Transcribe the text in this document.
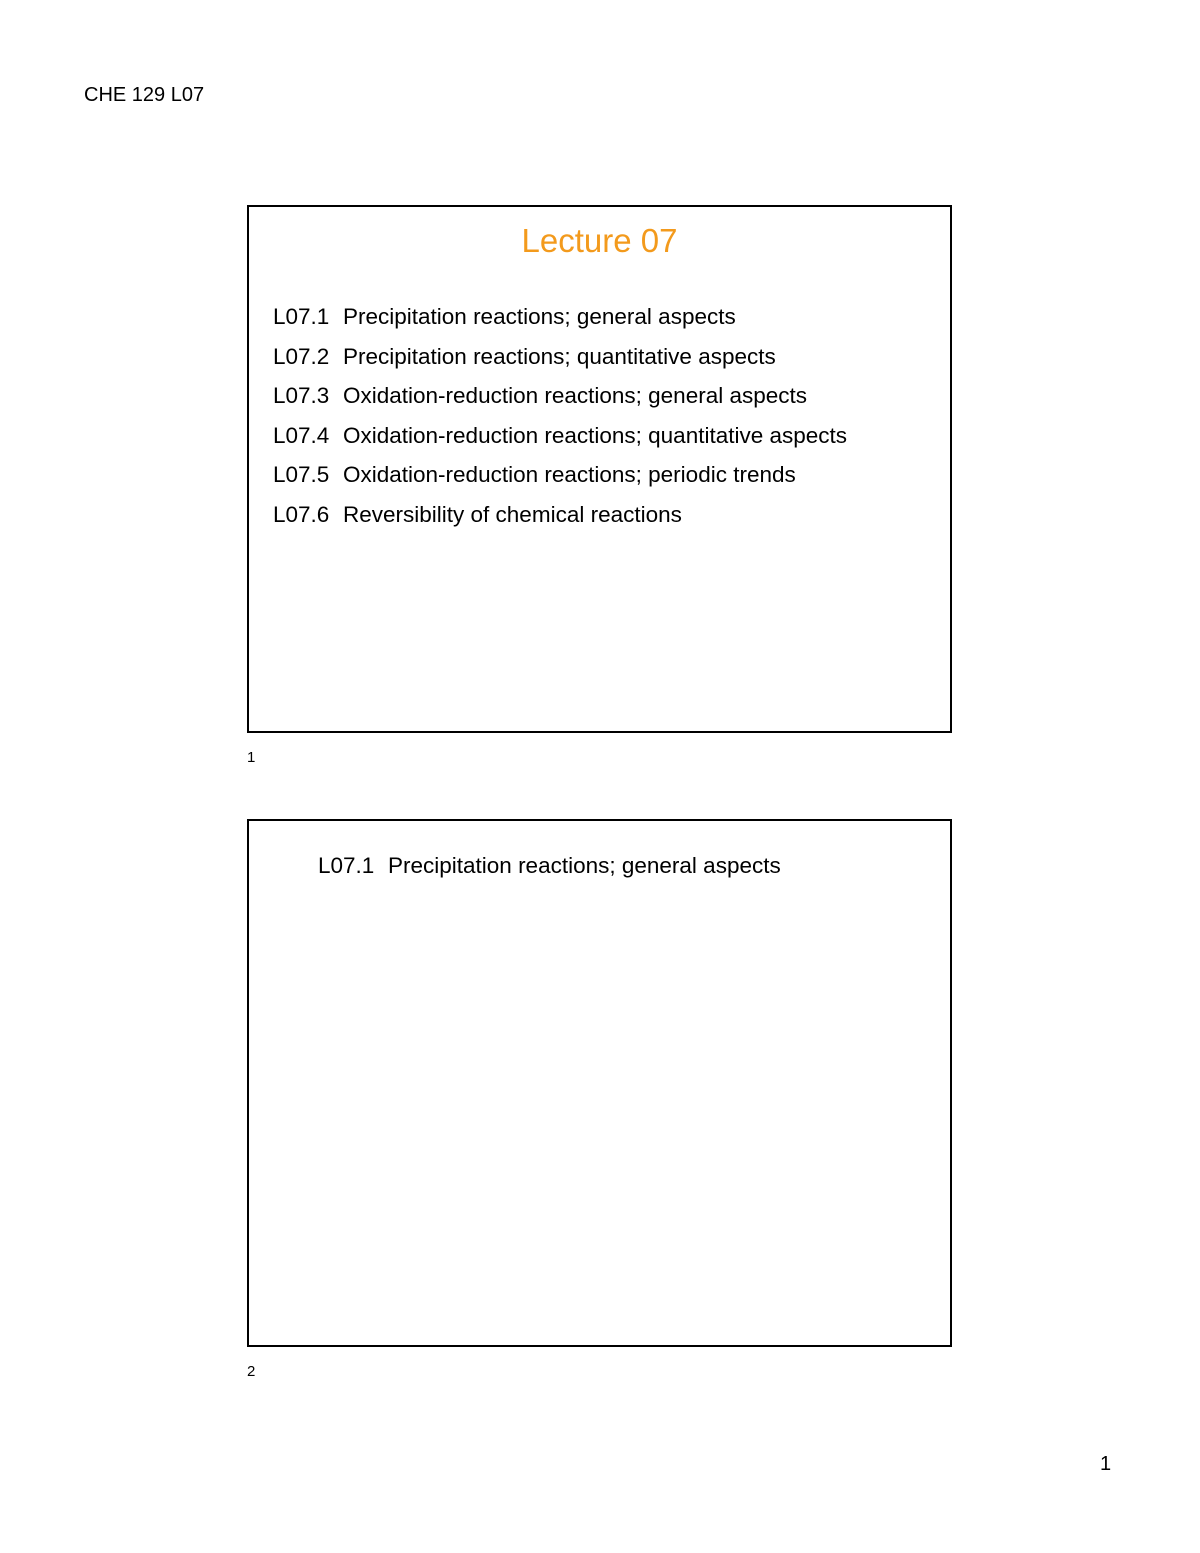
CHE 129 L07
Lecture 07
L07.1 Precipitation reactions; general aspects
L07.2 Precipitation reactions; quantitative aspects
L07.3 Oxidation-reduction reactions; general aspects
L07.4 Oxidation-reduction reactions; quantitative aspects
L07.5 Oxidation-reduction reactions; periodic trends
L07.6 Reversibility of chemical reactions
1
L07.1 Precipitation reactions; general aspects
2
1
